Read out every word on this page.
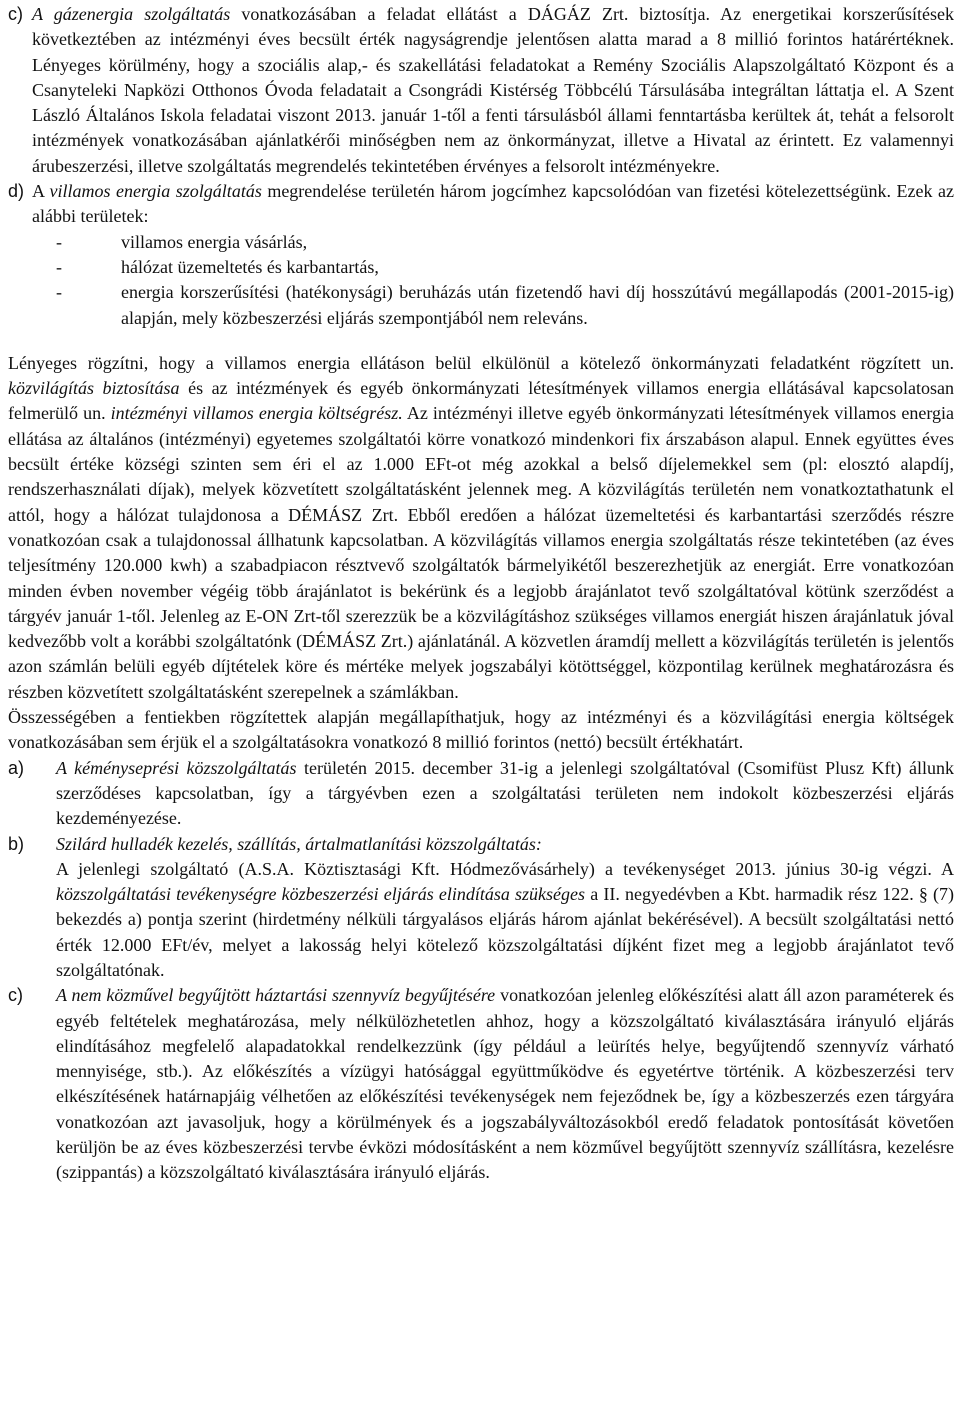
c) A gázenergia szolgáltatás vonatkozásában a feladat ellátást a DÁGÁZ Zrt. biztosítja. Az energetikai korszerűsítések következtében az intézményi éves becsült érték nagyságrendje jelentősen alatta marad a 8 millió forintos határértéknek. Lényeges körülmény, hogy a szociális alap,- és szakellátási feladatokat a Remény Szociális Alapszolgáltató Központ és a Csanyteleki Napközi Otthonos Óvoda feladatait a Csongrádi Kistérség Többcélú Társulásába integráltan láttatja el. A Szent László Általános Iskola feladatai viszont 2013. január 1-től a fenti társulásból állami fenntartásba kerültek át, tehát a felsorolt intézmények vonatkozásában ajánlatkérői minőségben nem az önkormányzat, illetve a Hivatal az érintett. Ez valamennyi árubeszerzési, illetve szolgáltatás megrendelés tekintetében érvényes a felsorolt intézményekre.

d) A villamos energia szolgáltatás megrendelése területén három jogcímhez kapcsolódóan van fizetési kötelezettségünk. Ezek az alábbi területek:

-	villamos energia vásárlás,
-	hálózat üzemeltetés és karbantartás,
-	energia korszerűsítési (hatékonysági) beruházás után fizetendő havi díj hosszútávú megállapodás (2001-2015-ig) alapján, mely közbeszerzési eljárás szempontjából nem releváns.

Lényeges rögzítni, hogy a villamos energia ellátáson belül elkülönül a kötelező önkormányzati feladatként rögzített un. közvilágítás biztosítása és az intézmények és egyéb önkormányzati létesítmények villamos energia ellátásával kapcsolatosan felmerülő un. intézményi villamos energia költségrész. Az intézményi illetve egyéb önkormányzati létesítmények villamos energia ellátása az általános (intézményi) egyetemes szolgáltatói körre vonatkozó mindenkori fix árszabáson alapul. Ennek együttes éves becsült értéke községi szinten sem éri el az 1.000 EFt-ot még azokkal a belső díjelemekkel sem (pl: elosztó alapdíj, rendszerhasználati díjak), melyek közvetített szolgáltatásként jelennek meg. A közvilágítás területén nem vonatkoztathatunk el attól, hogy a hálózat tulajdonosa a DÉMÁSZ Zrt. Ebből eredően a hálózat üzemeltetési és karbantartási szerződés részre vonatkozóan csak a tulajdonossal állhatunk kapcsolatban. A közvilágítás villamos energia szolgáltatás része tekintetében (az éves teljesítmény 120.000 kwh) a szabadpiacon résztvevő szolgáltatók bármelyikétől beszerezhetjük az energiát. Erre vonatkozóan minden évben november végéig több árajánlatot is bekérünk és a legjobb árajánlatot tevő szolgáltatóval kötünk szerződést a tárgyév január 1-től. Jelenleg az E-ON Zrt-től szerezzük be a közvilágításhoz szükséges villamos energiát hiszen árajánlatuk jóval kedvezőbb volt a korábbi szolgáltatónk (DÉMÁSZ Zrt.) ajánlatánál. A közvetlen áramdíj mellett a közvilágítás területén is jelentős azon számlán belüli egyéb díjtételek köre és mértéke melyek jogszabályi kötöttséggel, központilag kerülnek meghatározásra és részben közvetített szolgáltatásként szerepelnek a számlákban.

Összességében a fentiekben rögzítettek alapján megállapíthatjuk, hogy az intézményi és a közvilágítási energia költségek vonatkozásában sem érjük el a szolgáltatásokra vonatkozó 8 millió forintos (nettó) becsült értékhatárt.

a)	A kéményseprési közszolgáltatás területén 2015. december 31-ig a jelenlegi szolgáltatóval (Csomifüst Plusz Kft) állunk szerződéses kapcsolatban, így a tárgyévben ezen a szolgáltatási területen nem indokolt közbeszerzési eljárás kezdeményezése.

b)	Szilárd hulladék kezelés, szállítás, ártalmatlanítási közszolgáltatás:

A jelenlegi szolgáltató (A.S.A. Köztisztasági Kft. Hódmezővásárhely) a tevékenységet 2013. június 30-ig végzi. A közszolgáltatási tevékenységre közbeszerzési eljárás elindítása szükséges a II. negyedévben a Kbt. harmadik rész 122. § (7) bekezdés a) pontja szerint (hirdetmény nélküli tárgyalásos eljárás három ajánlat bekérésével). A becsült szolgáltatási nettó érték 12.000 EFt/év, melyet a lakosság helyi kötelező közszolgáltatási díjként fizet meg a legjobb árajánlatot tevő szolgáltatónak.

c)	A nem közművel begyűjtött háztartási szennyvíz begyűjtésére vonatkozóan jelenleg előkészítési alatt áll azon paraméterek és egyéb feltételek meghatározása, mely nélkülözhetetlen ahhoz, hogy a közszolgáltató kiválasztására irányuló eljárás elindításához megfelelő alapadatokkal rendelkezzünk (így például a leürítés helye, begyűjtendő szennyvíz várható mennyisége, stb.). Az előkészítés a vízügyi hatósággal együttműködve és egyetértve történik. A közbeszerzési terv elkészítésének határnapjáig vélhetően az előkészítési tevékenységek nem fejeződnek be, így a közbeszerzés ezen tárgyára vonatkozóan azt javasoljuk, hogy a körülmények és a jogszabályváltozásokból eredő feladatok pontosítását követően kerüljön be az éves közbeszerzési tervbe évközi módosításként a nem közművel begyűjtött szennyvíz szállításra, kezelésre (szippantás) a közszolgáltató kiválasztására irányuló eljárás.
